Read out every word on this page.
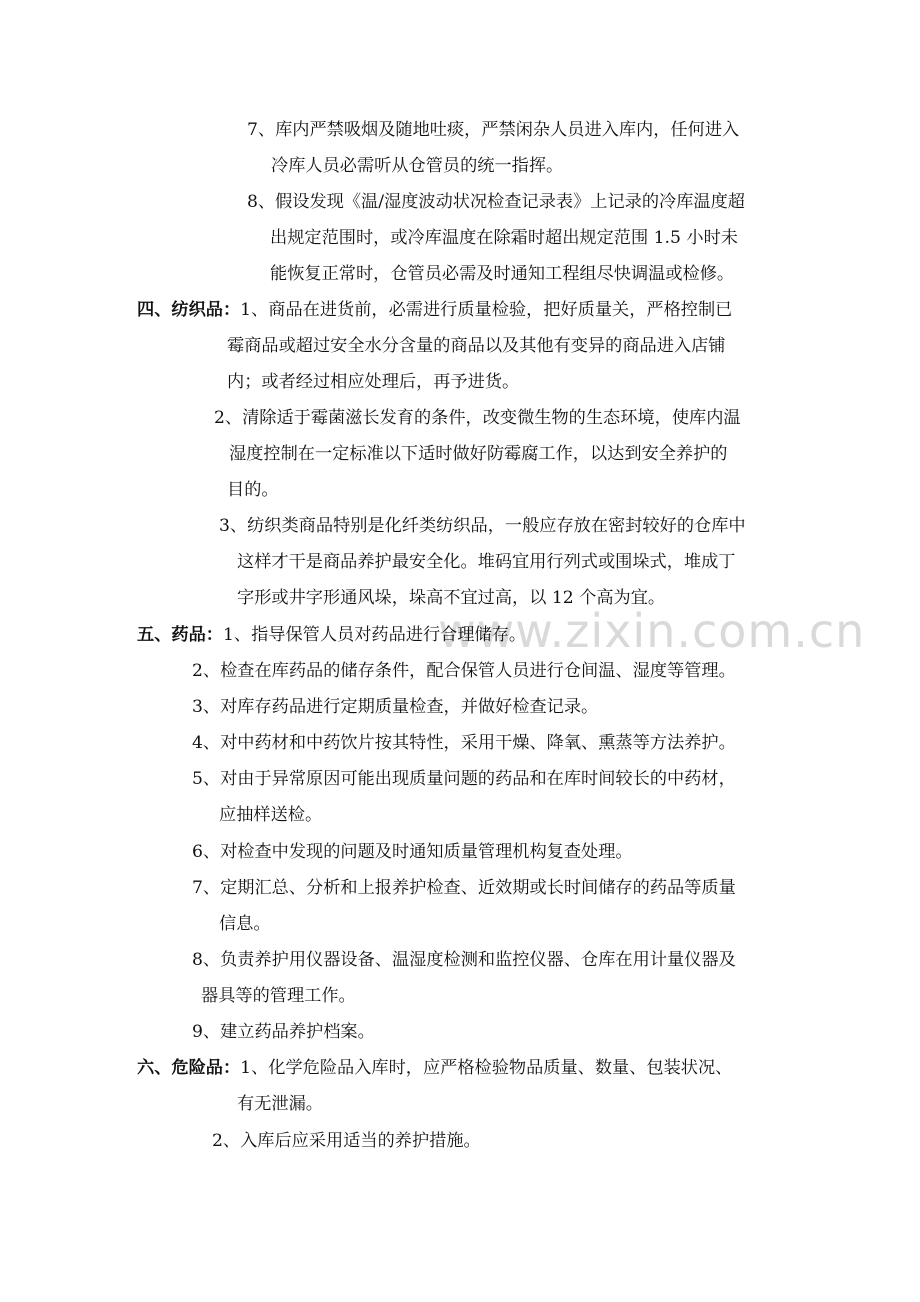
www.zixin.com.cn
7、库内严禁吸烟及随地吐痰，严禁闲杂人员进入库内，任何进入
冷库人员必需听从仓管员的统一指挥。
8、假设发现《温/湿度波动状况检查记录表》上记录的冷库温度超
出规定范围时，或冷库温度在除霜时超出规定范围 1.5 小时未
能恢复正常时，仓管员必需及时通知工程组尽快调温或检修。
四、纺织品：1、商品在进货前，必需进行质量检验，把好质量关，严格控制已
霉商品或超过安全水分含量的商品以及其他有变异的商品进入店铺
内；或者经过相应处理后，再予进货。
2、清除适于霉菌滋长发育的条件，改变微生物的生态环境，使库内温
湿度控制在一定标准以下适时做好防霉腐工作，以达到安全养护的
目的。
3、纺织类商品特别是化纤类纺织品，一般应存放在密封较好的仓库中
这样才干是商品养护最安全化。堆码宜用行列式或围垛式，堆成丁
字形或井字形通风垛，垛高不宜过高，以 12 个高为宜。
五、药品：1、指导保管人员对药品进行合理储存。
2、检查在库药品的储存条件，配合保管人员进行仓间温、湿度等管理。
3、对库存药品进行定期质量检查，并做好检查记录。
4、对中药材和中药饮片按其特性，采用干燥、降氧、熏蒸等方法养护。
5、对由于异常原因可能出现质量问题的药品和在库时间较长的中药材，
应抽样送检。
6、对检查中发现的问题及时通知质量管理机构复查处理。
7、定期汇总、分析和上报养护检查、近效期或长时间储存的药品等质量
信息。
8、负责养护用仪器设备、温湿度检测和监控仪器、仓库在用计量仪器及
器具等的管理工作。
9、建立药品养护档案。
六、危险品：1、化学危险品入库时，应严格检验物品质量、数量、包装状况、
有无泄漏。
2、入库后应采用适当的养护措施。
